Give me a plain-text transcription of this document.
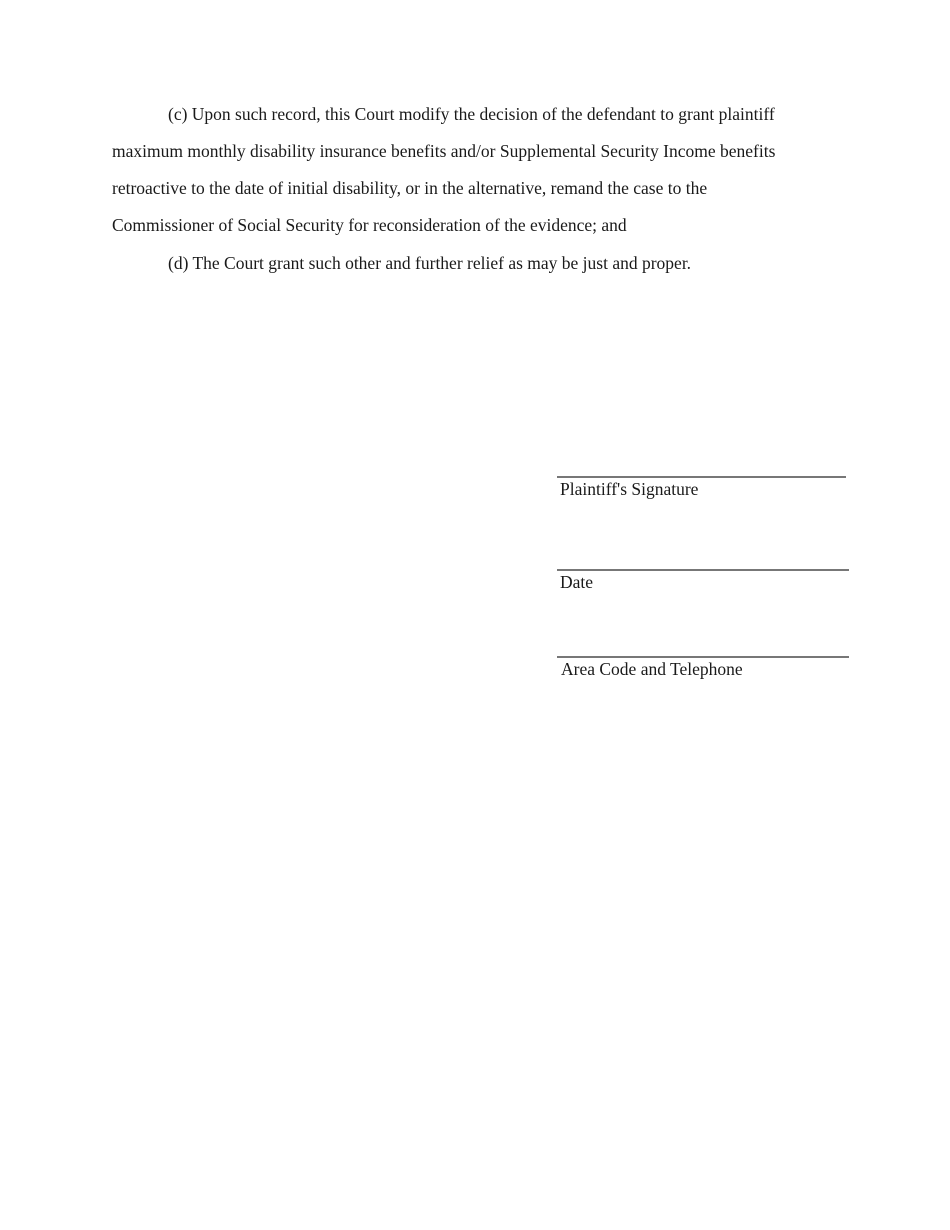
(c) Upon such record, this Court modify the decision of the defendant to grant plaintiff
maximum monthly disability insurance benefits and/or Supplemental Security Income benefits
retroactive to the date of initial disability, or in the alternative, remand the case to the
Commissioner of Social Security for reconsideration of the evidence; and
(d) The Court grant such other and further relief as may be just and proper.
Plaintiff's Signature
Date
Area Code and Telephone
